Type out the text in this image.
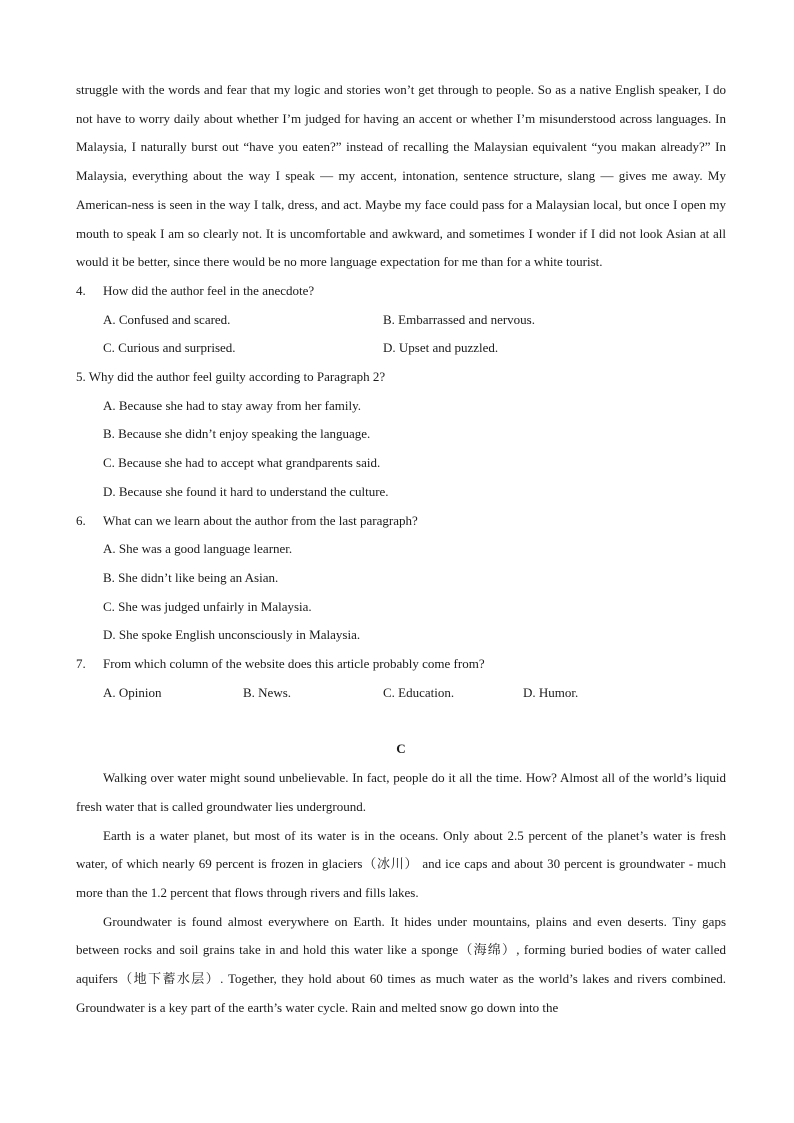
struggle with the words and fear that my logic and stories won’t get through to people. So as a native English speaker, I do not have to worry daily about whether I’m judged for having an accent or whether I’m misunderstood across languages. In Malaysia, I naturally burst out “have you eaten?” instead of recalling the Malaysian equivalent “you makan already?” In Malaysia, everything about the way I speak — my accent, intonation, sentence structure, slang — gives me away. My American-ness is seen in the way I talk, dress, and act. Maybe my face could pass for a Malaysian local, but once I open my mouth to speak I am so clearly not. It is uncomfortable and awkward, and sometimes I wonder if I did not look Asian at all would it be better, since there would be no more language expectation for me than for a white tourist.

4. How did the author feel in the anecdote?

A. Confused and scared.	B. Embarrassed and nervous.
C. Curious and surprised.	D. Upset and puzzled.

5. Why did the author feel guilty according to Paragraph 2?

A. Because she had to stay away from her family.

B. Because she didn’t enjoy speaking the language.

C. Because she had to accept what grandparents said.

D. Because she found it hard to understand the culture.

6. What can we learn about the author from the last paragraph?

A. She was a good language learner.

B. She didn’t like being an Asian.

C. She was judged unfairly in Malaysia.

D. She spoke English unconsciously in Malaysia.

7. From which column of the website does this article probably come from?

A. Opinion	B. News.	C. Education.	D. Humor.
C

Walking over water might sound unbelievable. In fact, people do it all the time. How? Almost all of the world’s liquid fresh water that is called groundwater lies underground.

Earth is a water planet, but most of its water is in the oceans. Only about 2.5 percent of the planet’s water is fresh water, of which nearly 69 percent is frozen in glaciers（冰川） and ice caps and about 30 percent is groundwater - much more than the 1.2 percent that flows through rivers and fills lakes.

Groundwater is found almost everywhere on Earth. It hides under mountains, plains and even deserts. Tiny gaps between rocks and soil grains take in and hold this water like a sponge（海绵）, forming buried bodies of water called aquifers（地下蓄水层）. Together, they hold about 60 times as much water as the world’s lakes and rivers combined. Groundwater is a key part of the earth’s water cycle. Rain and melted snow go down into the
